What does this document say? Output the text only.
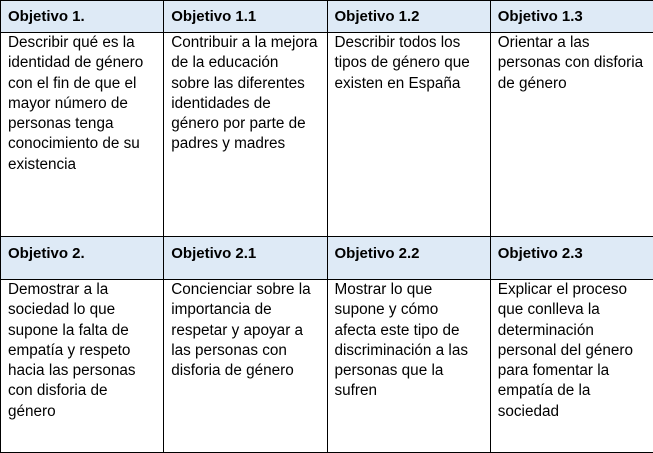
Objetivo 1.	Objetivo 1.1	Objetivo 1.2	Objetivo 1.3
Describir qué es la identidad de género con el fin de que el mayor número de personas tenga conocimiento de su existencia	Contribuir a la mejora de la educación sobre las diferentes identidades de género por parte de padres y madres	Describir todos los tipos de género que existen en España	Orientar a las personas con disforia de género
Objetivo 2.	Objetivo 2.1	Objetivo 2.2	Objetivo 2.3
Demostrar a la sociedad lo que supone la falta de empatía y respeto hacia las personas con disforia de género	Concienciar sobre la importancia de respetar y apoyar a las personas con disforia de género	Mostrar lo que supone y cómo afecta este tipo de discriminación a las personas que la sufren	Explicar el proceso que conlleva la determinación personal del género para fomentar la empatía de la sociedad
